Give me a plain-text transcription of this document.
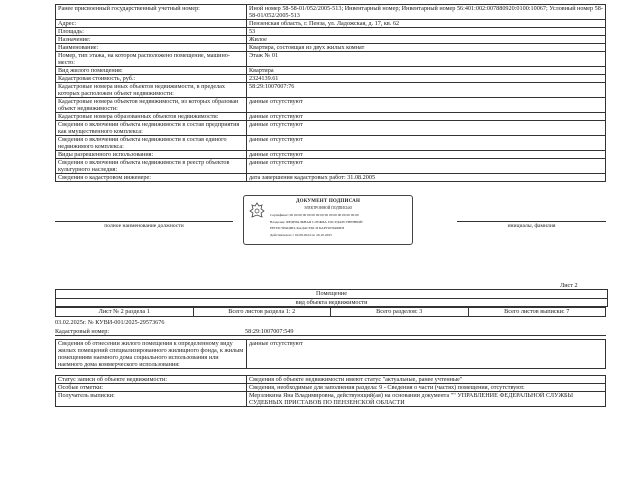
Ранее присвоенный государственный учетный номер:	Иной номер 58-58-01/052/2005-513; Инвентарный номер; Инвентарный номер 56:401:002:007880920:0100:10067; Условный номер 58-58-01/052/2005-513
Адрес:	Пензенская область, г. Пенза, ул. Ладожская, д. 17, кв. 62
Площадь:	53
Назначение:	Жилое
Наименование:	Квартира, состоящая из двух жилых комнат
Номер, тип этажа, на котором расположено помещение, машино-место:	Этаж № 01
Вид жилого помещения:	Квартира
Кадастровая стоимость, руб.:	2324139.61
Кадастровые номера иных объектов недвижимости, в пределах которых расположен объект недвижимости:	58:29:1007007:76
Кадастровые номера объектов недвижимости, из которых образован объект недвижимости:	данные отсутствуют
Кадастровые номера образованных объектов недвижимости:	данные отсутствуют
Сведения о включении объекта недвижимости в состав предприятия как имущественного комплекса:	данные отсутствуют
Сведения о включении объекта недвижимости в состав единого недвижимого комплекса:	данные отсутствуют
Виды разрешенного использования:	данные отсутствуют
Сведения о включении объекта недвижимости в реестр объектов культурного наследия:	данные отсутствуют
Сведения о кадастровом инженере:	дата завершения кадастровых работ: 31.08.2005
полное наименование должности
ДОКУМЕНТ ПОДПИСАН
ЭЛЕКТРОННОЙ ПОДПИСЬЮ
Сертификат: 00 00 00 00 00 00 00 00 00 00 00 00 00 00 00 00
Владелец: ФЕДЕРАЛЬНАЯ СЛУЖБА ГОСУДАРСТВЕННОЙ
РЕГИСТРАЦИИ, КАДАСТРА И КАРТОГРАФИИ
Действителен: с 02.08.2024 по 26.10.2025
инициалы, фамилия
Лист 2
Помещение
вид объекта недвижимости
Лист № 2 раздела 1	Всего листов раздела 1: 2	Всего разделов: 3	Всего листов выписки: 7
03.02.2025г. № КУВИ-001/2025-29573676
Кадастровый номер:	58:29:1007007:549
Сведения об отнесении жилого помещения к определенному виду жилых помещений специализированного жилищного фонда, к жилым помещениям наемного дома социального использования или наемного дома коммерческого использования:	данные отсутствуют

Статус записи об объекте недвижимости:	Сведения об объекте недвижимости имеют статус "актуальные, ранее учтенные"
Особые отметки:	Сведения, необходимые для заполнения раздела: 9 - Сведения о части (частях) помещения, отсутствуют.
Получатель выписки:	Мерзликина Яна Владимировна, действующий(ая) на основании документа "" УПРАВЛЕНИЕ ФЕДЕРАЛЬНОЙ СЛУЖБЫ СУДЕБНЫХ ПРИСТАВОВ ПО ПЕНЗЕНСКОЙ ОБЛАСТИ
